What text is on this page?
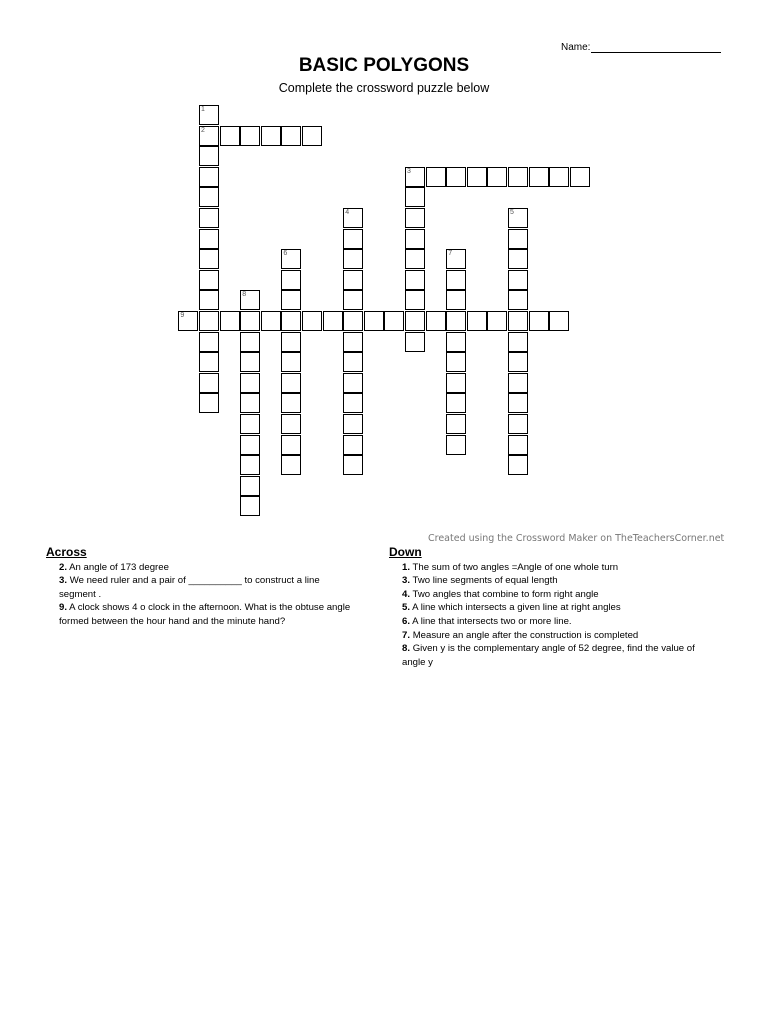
Name:
BASIC POLYGONS

Complete the crossword puzzle below

1
2
3
4	5
6	7
8
9
Created using the Crossword Maker on TheTeachersCorner.net
Across

2. An angle of 173 degree

3. We need ruler and a pair of __________ to construct a line segment .

9. A clock shows 4 o clock in the afternoon. What is the obtuse angle formed between the hour hand and the minute hand?

Down

1. The sum of two angles =Angle of one whole turn

3. Two line segments of equal length

4. Two angles that combine to form right angle

5. A line which intersects a given line at right angles

6. A line that intersects two or more line.

7. Measure an angle after the construction is completed

8. Given y is the complementary angle of 52 degree, find the value of angle y
